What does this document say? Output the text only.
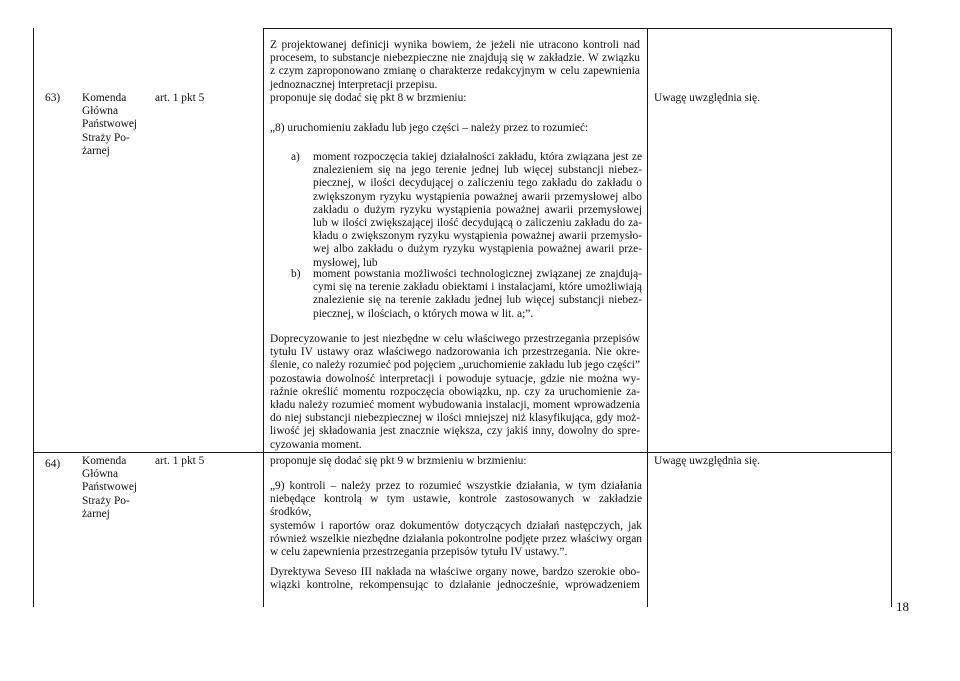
63) Komenda
Główna
Państwowej
Straży Po-
żarnej
art. 1 pkt 5
Z projektowanej definicji wynika bowiem, że jeżeli nie utracono kontroli nad
procesem, to substancje niebezpieczne nie znajdują się w zakładzie. W związku
z czym zaproponowano zmianę o charakterze redakcyjnym w celu zapewnienia
jednoznacznej interpretacji przepisu.
proponuje się dodać się pkt 8 w brzmieniu:
„8) uruchomieniu zakładu lub jego części – należy przez to rozumieć:
a) moment rozpoczęcia takiej działalności zakładu, która związana jest ze
znalezieniem się na jego terenie jednej lub więcej substancji niebez-
piecznej, w ilości decydującej o zaliczeniu tego zakładu do zakładu o
zwiększonym ryzyku wystąpienia poważnej awarii przemysłowej albo
zakładu o dużym ryzyku wystąpienia poważnej awarii przemysłowej
lub w ilości zwiększającej ilość decydującą o zaliczeniu zakładu do za-
kładu o zwiększonym ryzyku wystąpienia poważnej awarii przemysło-
wej albo zakładu o dużym ryzyku wystąpienia poważnej awarii prze-
mysłowej, lub
b) moment powstania możliwości technologicznej związanej ze znajdują-
cymi się na terenie zakładu obiektami i instalacjami, które umożliwiają
znalezienie się na terenie zakładu jednej lub więcej substancji niebez-
piecznej, w ilościach, o których mowa w lit. a;”.
Doprecyzowanie to jest niezbędne w celu właściwego przestrzegania przepisów
tytułu IV ustawy oraz właściwego nadzorowania ich przestrzegania. Nie okre-
ślenie, co należy rozumieć pod pojęciem „uruchomienie zakładu lub jego części”
pozostawia dowolność interpretacji i powoduje sytuacje, gdzie nie można wy-
raźnie określić momentu rozpoczęcia obowiązku, np. czy za uruchomienie za-
kładu należy rozumieć moment wybudowania instalacji, moment wprowadzenia
do niej substancji niebezpiecznej w ilości mniejszej niż klasyfikująca, gdy moż-
liwość jej składowania jest znacznie większa, czy jakiś inny, dowolny do spre-
cyzowania moment.
Uwagę uwzględnia się.
64) Komenda
Główna
Państwowej
Straży Po-
żarnej
art. 1 pkt 5	proponuje się dodać się pkt 9 w brzmieniu w brzmieniu:
„9) kontroli – należy przez to rozumieć wszystkie działania, w tym działania
niebędące kontrolą w tym ustawie, kontrole zastosowanych w zakładzie środków,
systemów i raportów oraz dokumentów dotyczących działań następczych, jak
również wszelkie niezbędne działania pokontrolne podjęte przez właściwy organ
w celu zapewnienia przestrzegania przepisów tytułu IV ustawy.”.
Dyrektywa Seveso III nakłada na właściwe organy nowe, bardzo szerokie obo-
wiązki kontrolne, rekompensując to działanie jednocześnie, wprowadzeniem
Uwagę uwzględnia się.
18
